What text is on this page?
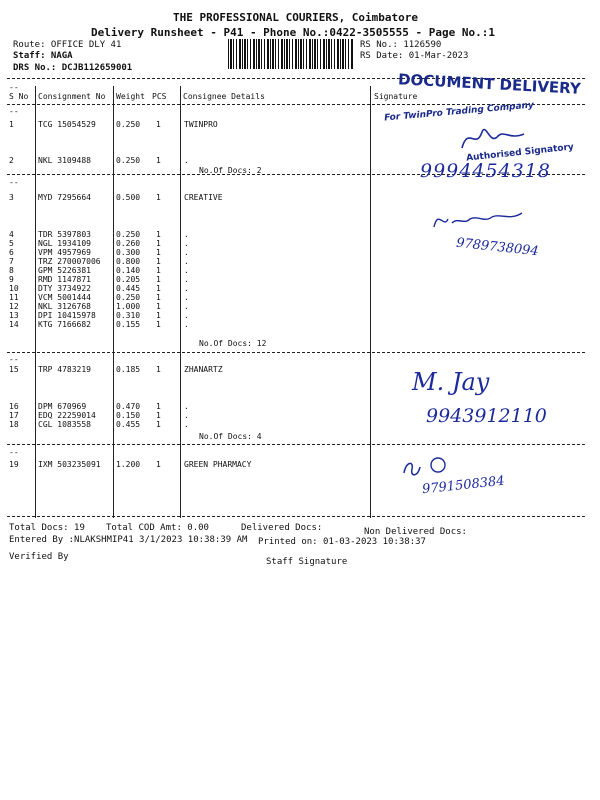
THE PROFESSIONAL COURIERS, Coimbatore
Delivery Runsheet - P41 - Phone No.:0422-3505555 - Page No.:1
Route: OFFICE DLY 41
Staff: NAGA
DRS No.: DCJB112659001
RS No.: 1126590
RS Date: 01-Mar-2023
S No Consignment No Weight PCS Consignee Details	Signature
--
--
--
--
--
1	TCG 15054529	0.250 1	TWINPRO
2	NKL 3109488	0.250 1	.
3	MYD 7295664	0.500 1	CREATIVE
4	TDR 5397803	0.250 1	.
5	NGL 1934109	0.260 1	.
6	VPM 4957969	0.300 1	.
7	TRZ 270007006 0.800 1	.
8	GPM 5226381	0.140 1	.
9	RMD 1147871	0.205 1	.
10 DTY 3734922	0.445 1	.
11 VCM 5001444	0.250 1	.
12 NKL 3126768	1.000 1	.
13 DPI 10415978	0.310 1	.
14 KTG 7166682	0.155 1	.
15 TRP 4783219	0.185 1	ZHANARTZ
16 DPM 670969	0.470 1	.
17 EDQ 22259014	0.150 1	.
18 CGL 1083558	0.455 1	.
19 IXM 503235091 1.200 1	GREEN PHARMACY
No.Of Docs: 2
No.Of Docs: 12
No.Of Docs: 4
DOCUMENT DELIVERY
For TwinPro Trading Company
Authorised Signatory
9994454318
9789738094
M. Jay
9943912110
9791508384
Total Docs: 19 Total COD Amt: 0.00	Delivered Docs:	Non Delivered Docs:
Entered By :NLAKSHMIP41 3/1/2023 10:38:39 AM Printed on: 01-03-2023 10:38:37
Verified By	Staff Signature
